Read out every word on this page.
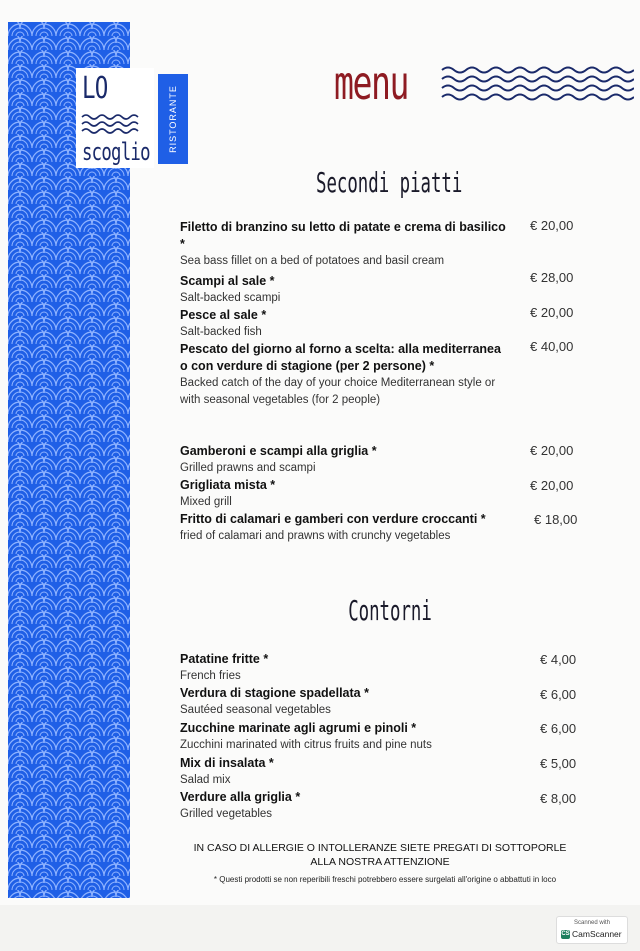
LO
scoglio RISTORANTE
menu
Secondi piatti
Filetto di branzino su letto di patate e crema di basilico *
Sea bass fillet on a bed of potatoes and basil cream
€ 20,00
Scampi al sale *
Salt-backed scampi
€ 28,00
Pesce al sale *
Salt-backed fish
€ 20,00
Pescato del giorno al forno a scelta: alla mediterranea o con verdure di stagione (per 2 persone) *
Backed catch of the day of your choice Mediterranean style or with seasonal vegetables (for 2 people)
€ 40,00
Gamberoni e scampi alla griglia *
Grilled prawns and scampi
€ 20,00
Grigliata mista *
Mixed grill
€ 20,00
Fritto di calamari e gamberi con verdure croccanti *
fried of calamari and prawns with crunchy vegetables
€ 18,00
Contorni
Patatine fritte *
French fries
€ 4,00
Verdura di stagione spadellata *
Sautéed seasonal vegetables
€ 6,00
Zucchine marinate agli agrumi e pinoli *
Zucchini marinated with citrus fruits and pine nuts
€ 6,00
Mix di insalata *
Salad mix
€ 5,00
Verdure alla griglia *
Grilled vegetables
€ 8,00
IN CASO DI ALLERGIE O INTOLLERANZE SIETE PREGATI DI SOTTOPORLE
ALLA NOSTRA ATTENZIONE
* Questi prodotti se non reperibili freschi potrebbero essere surgelati all'origine o abbattuti in loco
Scanned with
CS CamScanner
